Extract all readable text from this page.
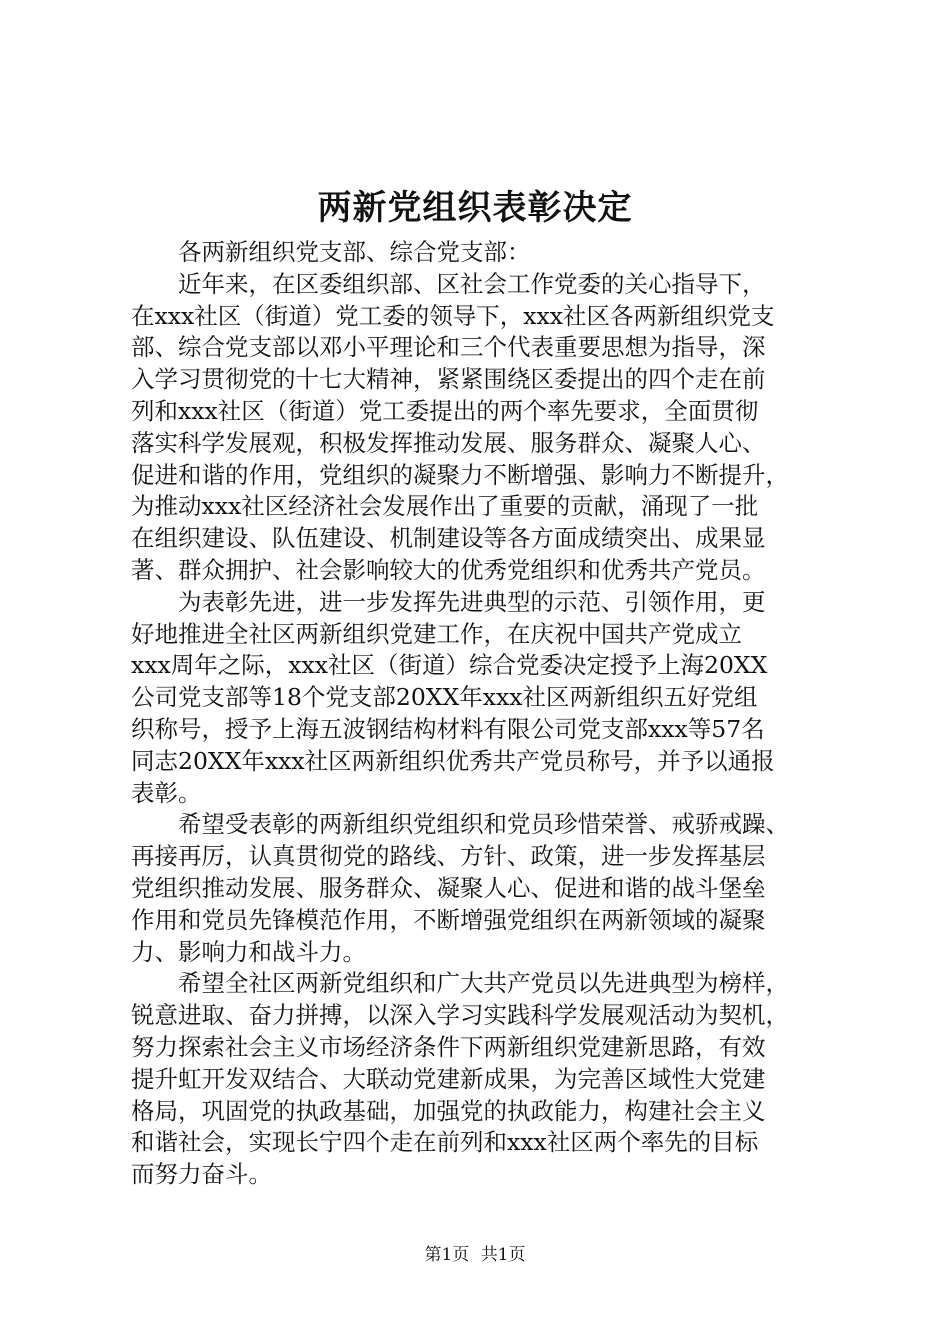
两新党组织表彰决定

各两新组织党支部、综合党支部：

近年来，在区委组织部、区社会工作党委的关心指导下，
在xxx社区（街道）党工委的领导下，xxx社区各两新组织党支
部、综合党支部以邓小平理论和三个代表重要思想为指导，深
入学习贯彻党的十七大精神，紧紧围绕区委提出的四个走在前
列和xxx社区（街道）党工委提出的两个率先要求，全面贯彻
落实科学发展观，积极发挥推动发展、服务群众、凝聚人心、
促进和谐的作用，党组织的凝聚力不断增强、影响力不断提升，
为推动xxx社区经济社会发展作出了重要的贡献，涌现了一批
在组织建设、队伍建设、机制建设等各方面成绩突出、成果显
著、群众拥护、社会影响较大的优秀党组织和优秀共产党员。

为表彰先进，进一步发挥先进典型的示范、引领作用，更
好地推进全社区两新组织党建工作，在庆祝中国共产党成立
xxx周年之际，xxx社区（街道）综合党委决定授予上海20XX
公司党支部等18个党支部20XX年xxx社区两新组织五好党组
织称号，授予上海五波钢结构材料有限公司党支部xxx等57名
同志20XX年xxx社区两新组织优秀共产党员称号，并予以通报
表彰。

希望受表彰的两新组织党组织和党员珍惜荣誉、戒骄戒躁、
再接再厉，认真贯彻党的路线、方针、政策，进一步发挥基层
党组织推动发展、服务群众、凝聚人心、促进和谐的战斗堡垒
作用和党员先锋模范作用，不断增强党组织在两新领域的凝聚
力、影响力和战斗力。

希望全社区两新党组织和广大共产党员以先进典型为榜样，
锐意进取、奋力拼搏，以深入学习实践科学发展观活动为契机，
努力探索社会主义市场经济条件下两新组织党建新思路，有效
提升虹开发双结合、大联动党建新成果，为完善区域性大党建
格局，巩固党的执政基础，加强党的执政能力，构建社会主义
和谐社会，实现长宁四个走在前列和xxx社区两个率先的目标
而努力奋斗。

第1页 共1页
